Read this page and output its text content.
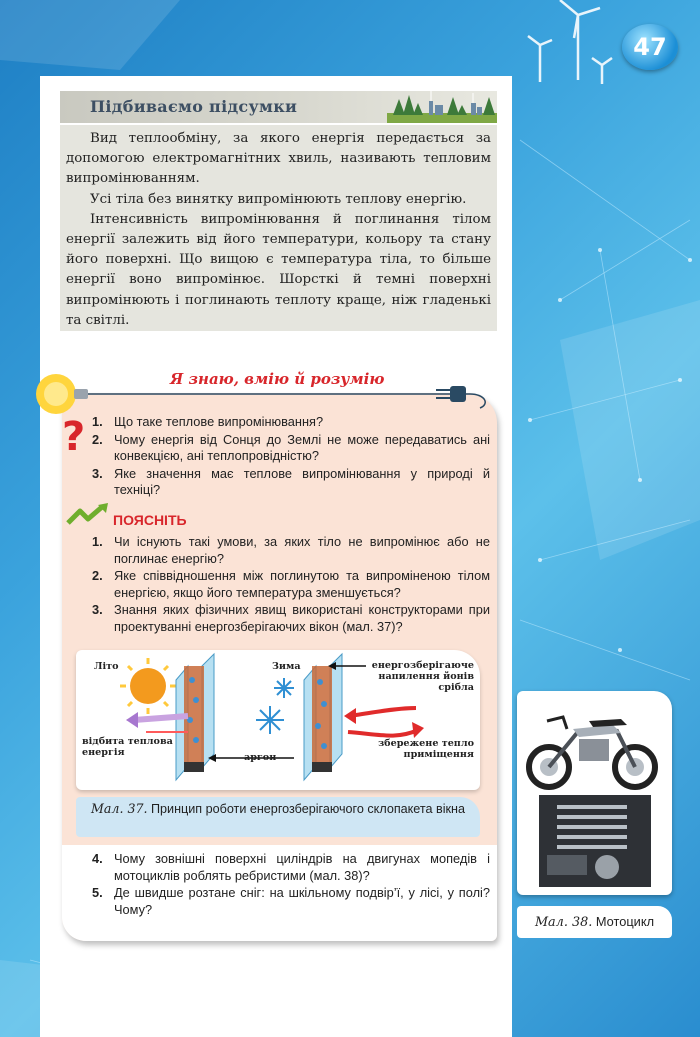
47
Підбиваємо підсумки

Вид теплообміну, за якого енергія передається за допомогою електромагнітних хвиль, називають тепловим випромінюванням.

Усі тіла без винятку випромінюють теплову енергію.

Інтенсивність випромінювання й поглинання тілом енергії залежить від його температури, кольору та стану його поверхні. Що вищою є температура тіла, то більше енергії воно випромінює. Шорсткі й темні поверхні випромінюють і поглинають теплоту краще, ніж гладенькі та світлі.

Я знаю, вмію й розумію
? 1. Що таке теплове випромінювання?
2. Чому енергія від Сонця до Землі не може передаватись ані конвекцією, ані теплопровідністю?
3. Яке значення має теплове випромінювання у природі й техніці?
ПОЯСНІТЬ
1. Чи існують такі умови, за яких тіло не випромінює або не поглинає енергію?
2. Яке співвідношення між поглинутою та випроміненою тілом енергією, якщо його температура зменшується?
3. Знання яких фізичних явищ використані конструкторами при проектуванні енергозберігаючих вікон (мал. 37)?
Літо	Зима
відбита теплова енергія	аргон
енергозберігаюче напилення йонів срібла
збережене тепло приміщення
Мал. 37. Принцип роботи енергозберігаючого склопакета вікна
4. Чому зовнішні поверхні циліндрів на двигунах мопедів і мотоциклів роблять ребристими (мал. 38)?
5. Де швидше розтане сніг: на шкільному подвір’ї, у лісі, у полі? Чому?
Мал. 38. Мотоцикл
